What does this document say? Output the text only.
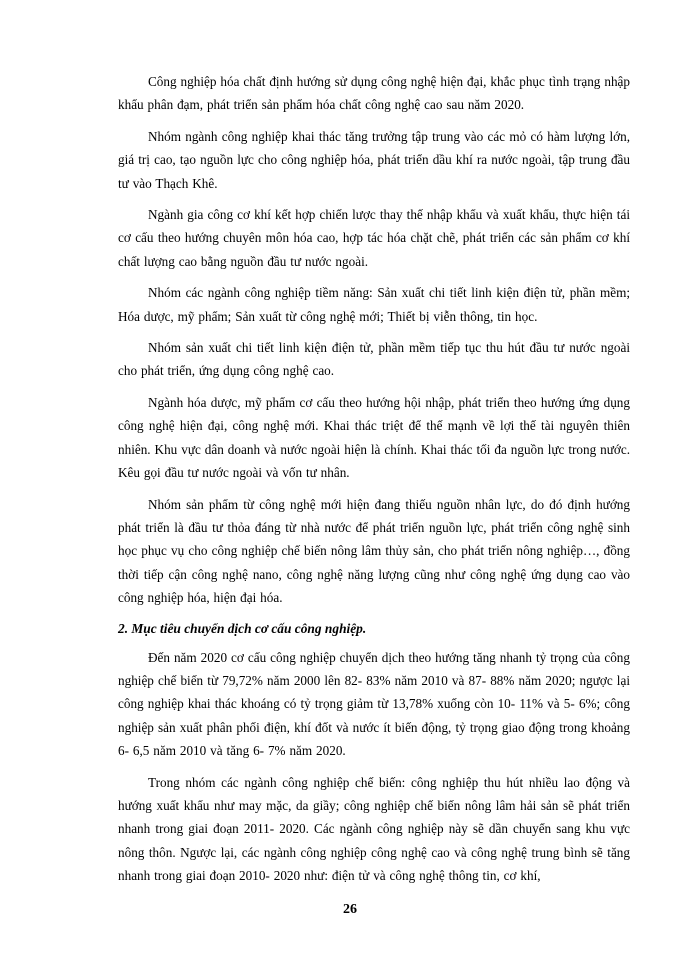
Công nghiệp hóa chất định hướng sử dụng công nghệ hiện đại, khắc phục tình trạng nhập khẩu phân đạm, phát triển sản phẩm hóa chất công nghệ cao sau năm 2020.

Nhóm ngành công nghiệp khai thác tăng trưởng tập trung vào các mỏ có hàm lượng lớn, giá trị cao, tạo nguồn lực cho công nghiệp hóa, phát triển dầu khí ra nước ngoài, tập trung đầu tư vào Thạch Khê.

Ngành gia công cơ khí kết hợp chiến lược thay thế nhập khẩu và xuất khẩu, thực hiện tái cơ cấu theo hướng chuyên môn hóa cao, hợp tác hóa chặt chẽ, phát triển các sản phẩm cơ khí chất lượng cao bằng nguồn đầu tư nước ngoài.

Nhóm các ngành công nghiệp tiềm năng: Sản xuất chi tiết linh kiện điện tử, phần mềm; Hóa dược, mỹ phẩm; Sản xuất từ công nghệ mới; Thiết bị viễn thông, tin học.

Nhóm sản xuất chi tiết linh kiện điện tử, phần mềm tiếp tục thu hút đầu tư nước ngoài cho phát triển, ứng dụng công nghệ cao.

Ngành hóa dược, mỹ phẩm cơ cấu theo hướng hội nhập, phát triển theo hướng ứng dụng công nghệ hiện đại, công nghệ mới. Khai thác triệt để thế mạnh về lợi thế tài nguyên thiên nhiên. Khu vực dân doanh và nước ngoài hiện là chính. Khai thác tối đa nguồn lực trong nước. Kêu gọi đầu tư nước ngoài và vốn tư nhân.

Nhóm sản phẩm từ công nghệ mới hiện đang thiếu nguồn nhân lực, do đó định hướng phát triển là đầu tư thỏa đáng từ nhà nước để phát triển nguồn lực, phát triển công nghệ sinh học phục vụ cho công nghiệp chế biến nông lâm thủy sản, cho phát triển nông nghiệp…, đồng thời tiếp cận công nghệ nano, công nghệ năng lượng cũng như công nghệ ứng dụng cao vào công nghiệp hóa, hiện đại hóa.

2. Mục tiêu chuyển dịch cơ cấu công nghiệp.

Đến năm 2020 cơ cấu công nghiệp chuyển dịch theo hướng tăng nhanh tỷ trọng của công nghiệp chế biến từ 79,72% năm 2000 lên 82- 83% năm 2010 và 87- 88% năm 2020; ngược lại công nghiệp khai thác khoáng có tỷ trọng giảm từ 13,78% xuống còn 10- 11% và 5- 6%; công nghiệp sản xuất phân phối điện, khí đốt và nước ít biến động, tỷ trọng giao động trong khoảng 6- 6,5 năm 2010 và tăng 6- 7% năm 2020.

Trong nhóm các ngành công nghiệp chế biến: công nghiệp thu hút nhiều lao động và hướng xuất khẩu như may mặc, da giầy; công nghiệp chế biến nông lâm hải sản sẽ phát triển nhanh trong giai đoạn 2011- 2020. Các ngành công nghiệp này sẽ dần chuyển sang khu vực nông thôn. Ngược lại, các ngành công nghiệp công nghệ cao và công nghệ trung bình sẽ tăng nhanh trong giai đoạn 2010- 2020 như: điện tử và công nghệ thông tin, cơ khí,

26
